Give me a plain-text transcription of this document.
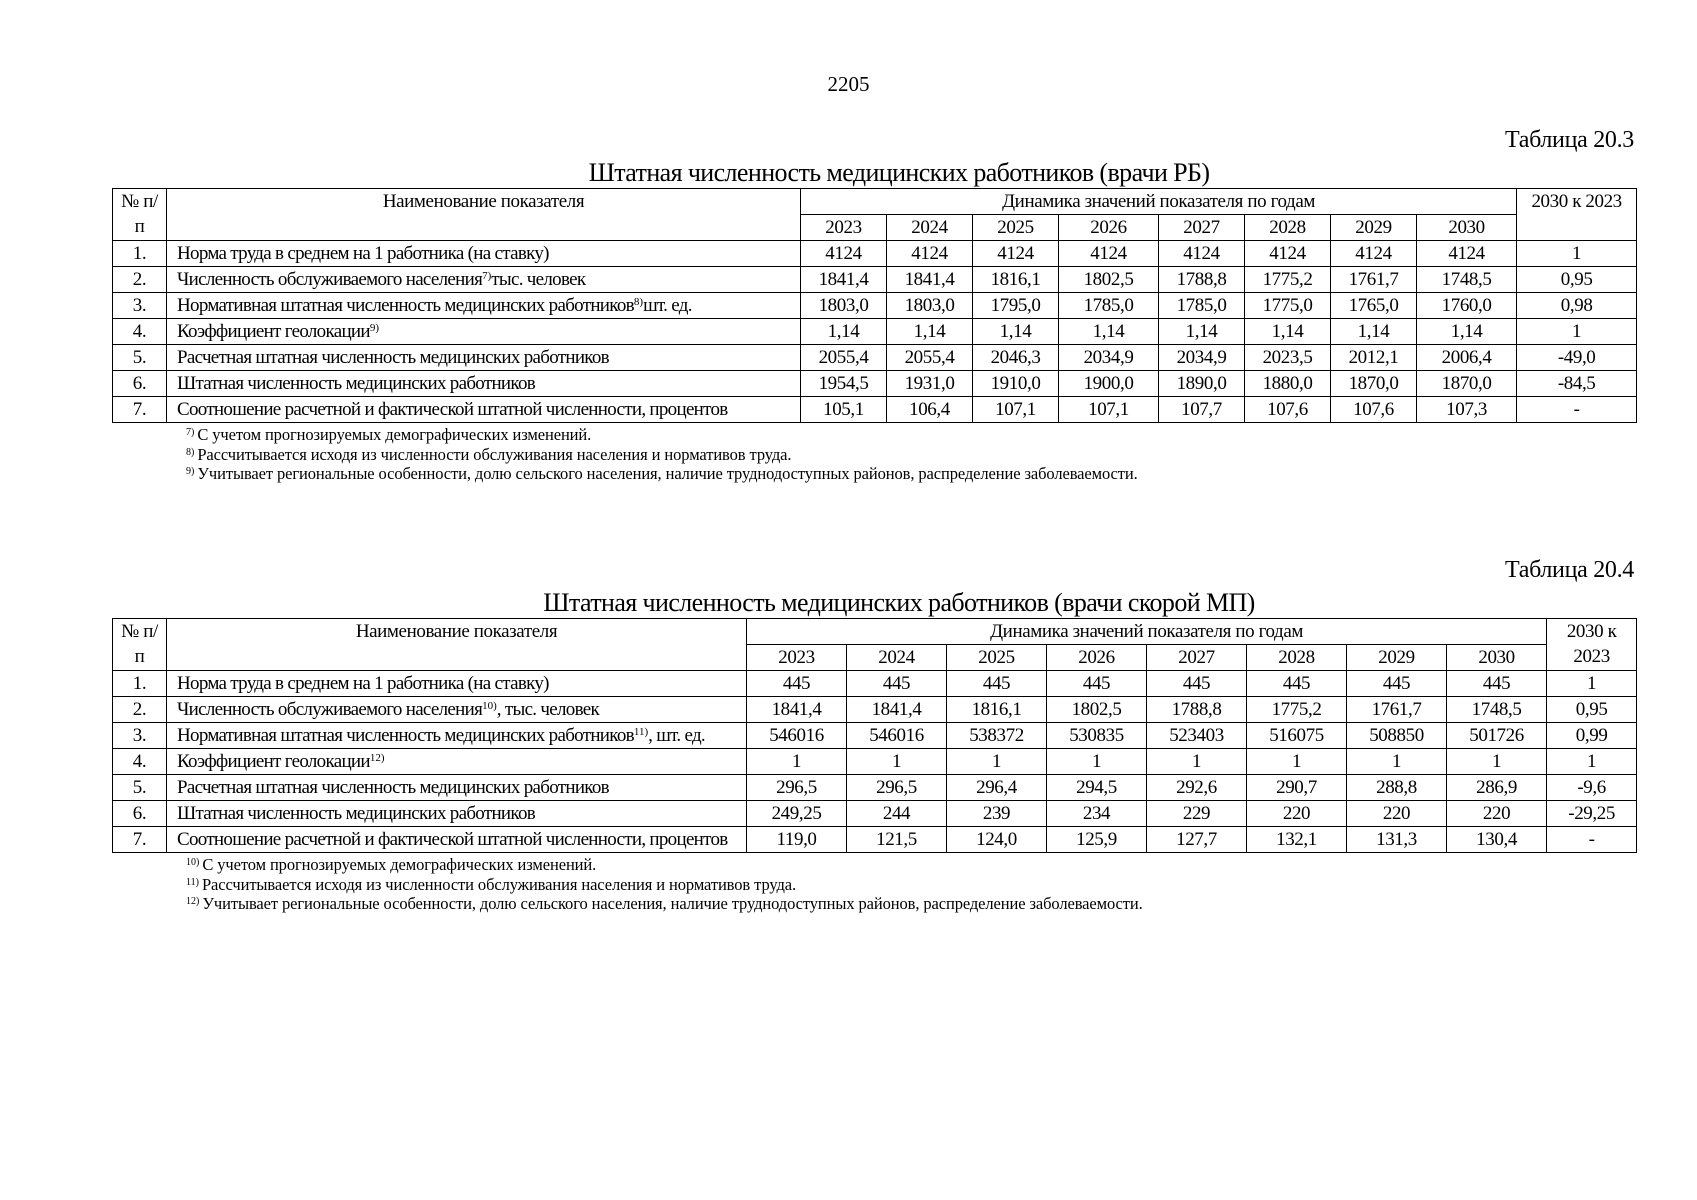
2205
Таблица 20.3
Штатная численность медицинских работников (врачи РБ)
№ п/п	Наименование показателя	Динамика значений показателя по годам								2030 к 2023
		2023	2024	2025	2026	2027	2028	2029	2030	
1.	Норма труда в среднем на 1 работника (на ставку)	4124	4124	4124	4124	4124	4124	4124	4124	1
2.	Численность обслуживаемого населения$^{7)}$тыс. человек	1841,4	1841,4	1816,1	1802,5	1788,8	1775,2	1761,7	1748,5	0,95
3.	Нормативная штатная численность медицинских работников$^{8)}$шт. ед.	1803,0	1803,0	1795,0	1785,0	1785,0	1775,0	1765,0	1760,0	0,98
4.	Коэффициент геолокации$^{9)}$	1,14	1,14	1,14	1,14	1,14	1,14	1,14	1,14	1
5.	Расчетная штатная численность медицинских работников	2055,4	2055,4	2046,3	2034,9	2034,9	2023,5	2012,1	2006,4	-49,0
6.	Штатная численность медицинских работников	1954,5	1931,0	1910,0	1900,0	1890,0	1880,0	1870,0	1870,0	-84,5
7.	Соотношение расчетной и фактической штатной численности, процентов	105,1	106,4	107,1	107,1	107,7	107,6	107,6	107,3	-
$^{7)}$ С учетом прогнозируемых демографических изменений.
$^{8)}$ Рассчитывается исходя из численности обслуживания населения и нормативов труда.
$^{9)}$ Учитывает региональные особенности, долю сельского населения, наличие труднодоступных районов, распределение заболеваемости.
Таблица 20.4
Штатная численность медицинских работников (врачи скорой МП)
№ п/п	Наименование показателя	Динамика значений показателя по годам								2030 к 2023
		2023	2024	2025	2026	2027	2028	2029	2030	
1.	Норма труда в среднем на 1 работника (на ставку)	445	445	445	445	445	445	445	445	1
2.	Численность обслуживаемого населения$^{10)}$, тыс. человек	1841,4	1841,4	1816,1	1802,5	1788,8	1775,2	1761,7	1748,5	0,95
3.	Нормативная штатная численность медицинских работников$^{11)}$, шт. ед.	546016	546016	538372	530835	523403	516075	508850	501726	0,99
4.	Коэффициент геолокации$^{12)}$	1	1	1	1	1	1	1	1	1
5.	Расчетная штатная численность медицинских работников	296,5	296,5	296,4	294,5	292,6	290,7	288,8	286,9	-9,6
6.	Штатная численность медицинских работников	249,25	244	239	234	229	220	220	220	-29,25
7.	Соотношение расчетной и фактической штатной численности, процентов	119,0	121,5	124,0	125,9	127,7	132,1	131,3	130,4	-
$^{10)}$ С учетом прогнозируемых демографических изменений.
$^{11)}$ Рассчитывается исходя из численности обслуживания населения и нормативов труда.
$^{12)}$ Учитывает региональные особенности, долю сельского населения, наличие труднодоступных районов, распределение заболеваемости.
